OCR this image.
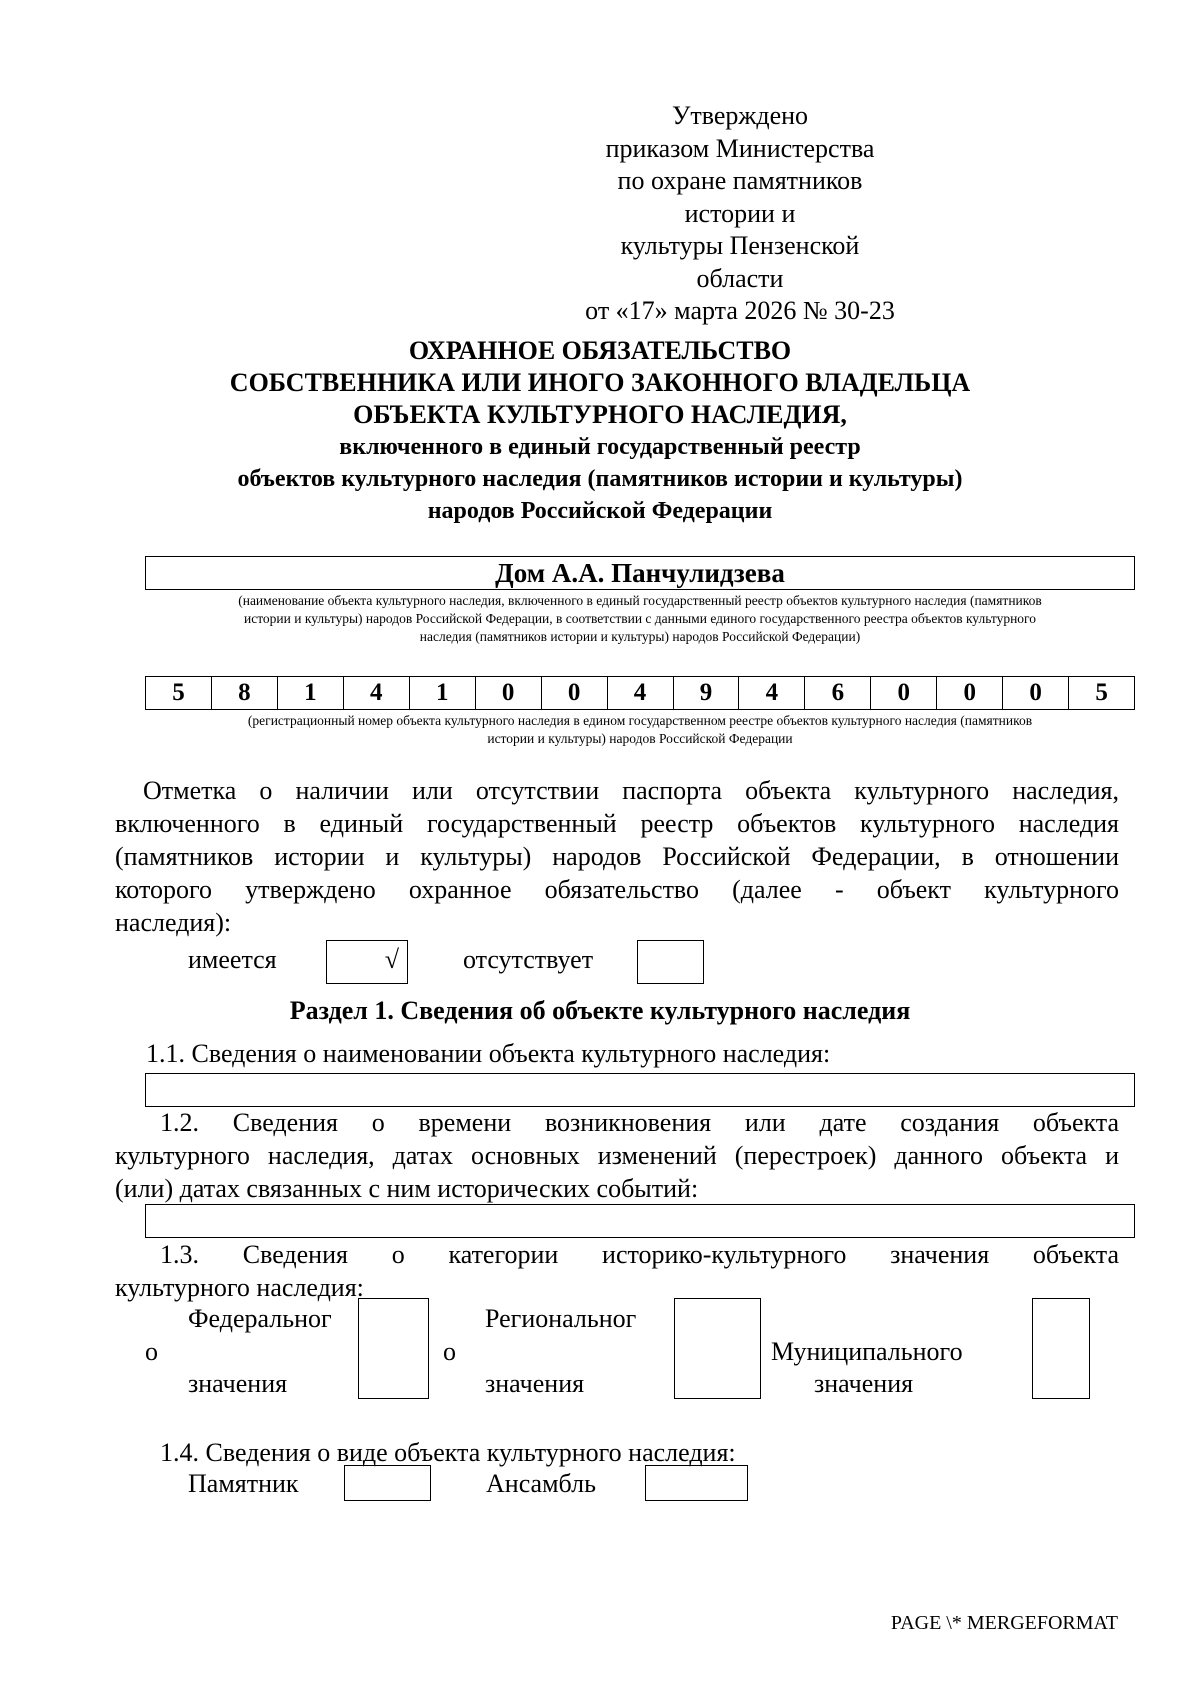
Утверждено
приказом Министерства
по охране памятников истории и
культуры Пензенской области
от «17» марта 2026 № 30-23
ОХРАННОЕ ОБЯЗАТЕЛЬСТВО
СОБСТВЕННИКА ИЛИ ИНОГО ЗАКОННОГО ВЛАДЕЛЬЦА
ОБЪЕКТА КУЛЬТУРНОГО НАСЛЕДИЯ,
включенного в единый государственный реестр
объектов культурного наследия (памятников истории и культуры)
народов Российской Федерации
Дом А.А. Панчулидзева
(наименование объекта культурного наследия, включенного в единый государственный реестр объектов культурного наследия (памятников
истории и культуры) народов Российской Федерации, в соответствии с данными единого государственного реестра объектов культурного
наследия (памятников истории и культуры) народов Российской Федерации)
5	8	1	4	1	0	0	4	9	4	6	0	0	0	5
(регистрационный номер объекта культурного наследия в едином государственном реестре объектов культурного наследия (памятников
истории и культуры) народов Российской Федерации
Отметка о наличии или отсутствии паспорта объекта культурного наследия,
включенного в единый государственный реестр объектов культурного наследия
(памятников истории и культуры) народов Российской Федерации, в отношении
которого утверждено охранное обязательство (далее - объект культурного
наследия):
имеется	√	отсутствует
Раздел 1. Сведения об объекте культурного наследия
1.1. Сведения о наименовании объекта культурного наследия:
1.2. Сведения о времени возникновения или дате создания объекта
культурного наследия, датах основных изменений (перестроек) данного объекта и
(или) датах связанных с ним исторических событий:
1.3. Сведения о категории историко-культурного значения объекта
культурного наследия:
Федеральног
о
значения
Региональног
о
значения
Муниципального
значения
1.4. Сведения о виде объекта культурного наследия:
Памятник	Ансамбль
PAGE \* MERGEFORMAT
